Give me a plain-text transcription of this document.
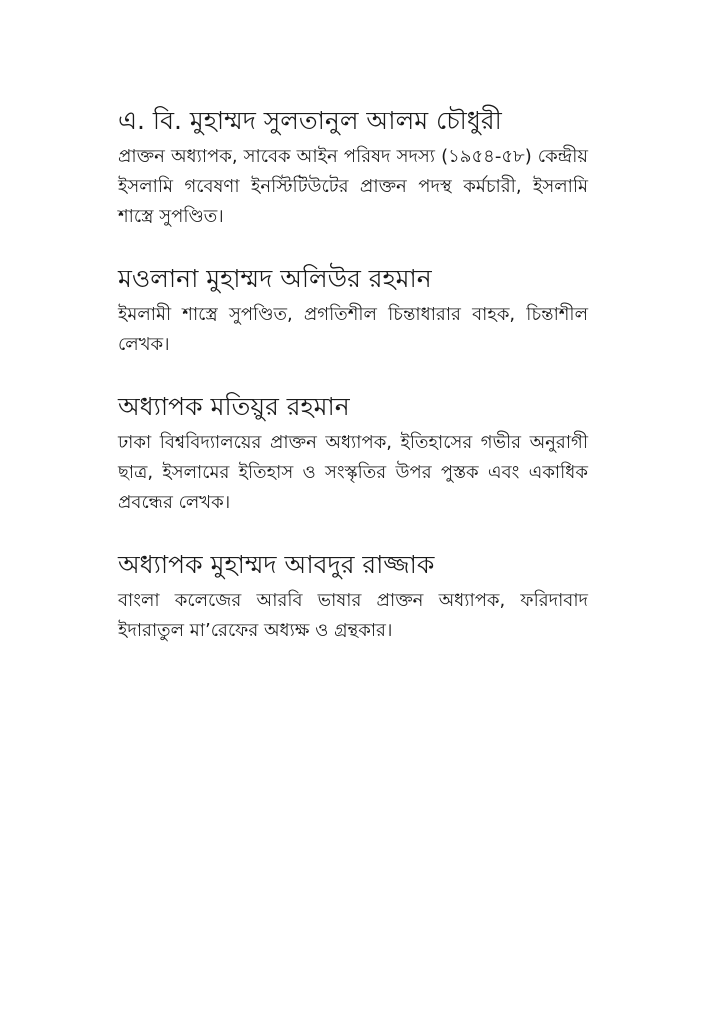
এ. বি. মুহাম্মদ সুলতানুল আলম চৌধুরী

প্রাক্তন অধ্যাপক, সাবেক আইন পরিষদ সদস্য (১৯৫৪-৫৮) কেন্দ্রীয় ইসলামি গবেষণা ইনস্টিটিউটের প্রাক্তন পদস্থ কর্মচারী, ইসলামি শাস্ত্রে সুপণ্ডিত।

মওলানা মুহাম্মদ অলিউর রহমান

ইমলামী শাস্ত্রে সুপণ্ডিত, প্রগতিশীল চিন্তাধারার বাহক, চিন্তাশীল লেখক।

অধ্যাপক মতিয়ুর রহমান

ঢাকা বিশ্ববিদ্যালয়ের প্রাক্তন অধ্যাপক, ইতিহাসের গভীর অনুরাগী ছাত্র, ইসলামের ইতিহাস ও সংস্কৃতির উপর পুস্তক এবং একাধিক প্রবন্ধের লেখক।

অধ্যাপক মুহাম্মদ আবদুর রাজ্জাক

বাংলা কলেজের আরবি ভাষার প্রাক্তন অধ্যাপক, ফরিদাবাদ ইদারাতুল মা’রেফের অধ্যক্ষ ও গ্রন্থকার।
